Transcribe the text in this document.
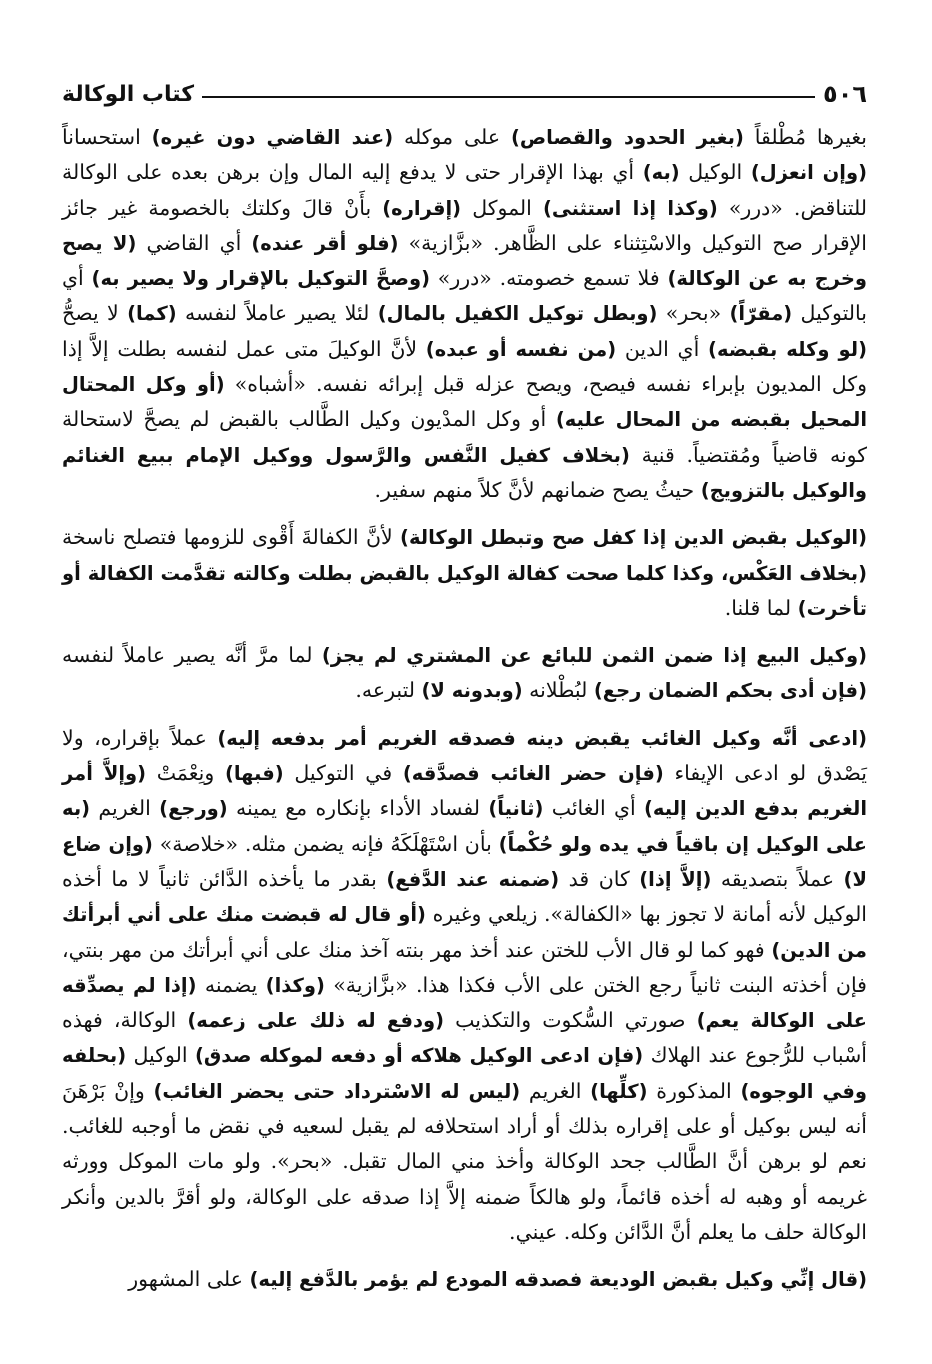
٥٠٦
كتاب الوكالة

بغيرها مُطْلقاً (بغير الحدود والقصاص) على موكله (عند القاضي دون غيره) استحساناً (وإن انعزل) الوكيل (به) أي بهذا الإقرار حتى لا يدفع إليه المال وإن برهن بعده على الوكالة للتناقض. «درر» (وكذا إذا استثنى) الموكل (إقراره) بأَنْ قالَ وكلتك بالخصومة غير جائز الإقرار صح التوكيل والاسْتِثناء على الظَّاهر. «بزَّازية» (فلو أقر عنده) أي القاضي (لا يصح وخرج به عن الوكالة) فلا تسمع خصومته. «درر» (وصحَّ التوكيل بالإقرار ولا يصير به) أي بالتوكيل (مقرّاً) «بحر» (وبطل توكيل الكفيل بالمال) لئلا يصير عاملاً لنفسه (كما) لا يصحُّ (لو وكله بقبضه) أي الدين (من نفسه أو عبده) لأنَّ الوكيلَ متى عمل لنفسه بطلت إلاَّ إذا وكل المديون بإبراء نفسه فيصح، ويصح عزله قبل إبرائه نفسه. «أشباه» (أو وكل المحتال المحيل بقبضه من المحال عليه) أو وكل المدْيون وكيل الطَّالب بالقبض لم يصحَّ لاستحالة كونه قاضياً ومُقتضياً. قنية (بخلاف كفيل النَّفس والرَّسول ووكيل الإمام ببيع الغنائم والوكيل بالتزويج) حيثُ يصح ضمانهم لأنَّ كلاً منهم سفير.

(الوكيل بقبض الدين إذا كفل صح وتبطل الوكالة) لأنَّ الكفالةَ أَقْوى للزومها فتصلح ناسخة (بخلاف العَكْس، وكذا كلما صحت كفالة الوكيل بالقبض بطلت وكالته تقدَّمت الكفالة أو تأخرت) لما قلنا.

(وكيل البيع إذا ضمن الثمن للبائع عن المشتري لم يجز) لما مرَّ أنَّه يصير عاملاً لنفسه (فإن أدى بحكم الضمان رجع) لبُطْلانه (وبدونه لا) لتبرعه.

(ادعى أنَّه وكيل الغائب يقبض دينه فصدقه الغريم أمر بدفعه إليه) عملاً بإقراره، ولا يَصْدق لو ادعى الإيفاء (فإن حضر الغائب فصدَّقه) في التوكيل (فبها) ونِعْمَتْ (وإلاَّ أمر الغريم بدفع الدين إليه) أي الغائب (ثانياً) لفساد الأداء بإنكاره مع يمينه (ورجع) الغريم (به على الوكيل إن باقياً في يده ولو حُكْماً) بأن اسْتَهْلَكَهُ فإنه يضمن مثله. «خلاصة» (وإن ضاع لا) عملاً بتصديقه (إلاَّ إذا) كان قد (ضمنه عند الدَّفع) بقدر ما يأخذه الدَّائن ثانياً لا ما أخذه الوكيل لأنه أمانة لا تجوز بها «الكفالة». زيلعي وغيره (أو قال له قبضت منك على أني أبرأتك من الدين) فهو كما لو قال الأب للختن عند أخذ مهر بنته آخذ منك على أني أبرأتك من مهر بنتي، فإن أخذته البنت ثانياً رجع الختن على الأب فكذا هذا. «بزَّازية» (وكذا) يضمنه (إذا لم يصدِّقه على الوكالة يعم) صورتي السُّكوت والتكذيب (ودفع له ذلك على زعمه) الوكالة، فهذه أسْباب للرُّجوع عند الهلاك (فإن ادعى الوكيل هلاكه أو دفعه لموكله صدق) الوكيل (بحلفه وفي الوجوه) المذكورة (كلِّها) الغريم (ليس له الاسْترداد حتى يحضر الغائب) وإنْ بَرْهَنَ أنه ليس بوكيل أو على إقراره بذلك أو أراد استحلافه لم يقبل لسعيه في نقض ما أوجبه للغائب. نعم لو برهن أنَّ الطَّالب جحد الوكالة وأخذ مني المال تقبل. «بحر». ولو مات الموكل وورثه غريمه أو وهبه له أخذه قائماً، ولو هالكاً ضمنه إلاَّ إذا صدقه على الوكالة، ولو أقرَّ بالدين وأنكر الوكالة حلف ما يعلم أنَّ الدَّائن وكله. عيني.

(قال إنِّي وكيل بقبض الوديعة فصدقه المودع لم يؤمر بالدَّفع إليه) على المشهور
